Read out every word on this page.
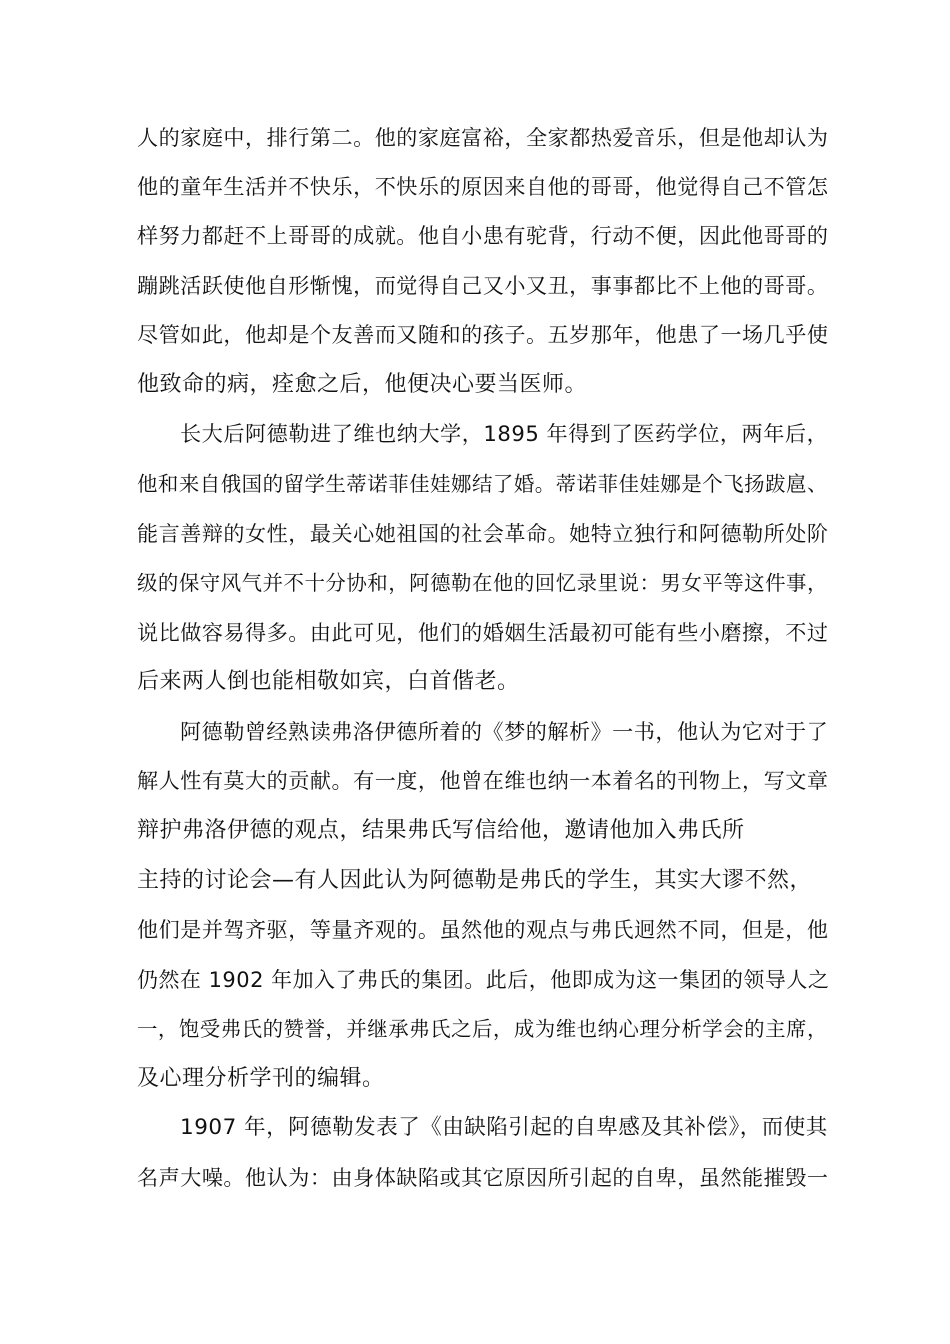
人的家庭中，排行第二。他的家庭富裕，全家都热爱音乐，但是他却认为
他的童年生活并不快乐，不快乐的原因来自他的哥哥，他觉得自己不管怎
样努力都赶不上哥哥的成就。他自小患有驼背，行动不便，因此他哥哥的
蹦跳活跃使他自形惭愧，而觉得自己又小又丑，事事都比不上他的哥哥。
尽管如此，他却是个友善而又随和的孩子。五岁那年，他患了一场几乎使
他致命的病，痊愈之后，他便决心要当医师。
长大后阿德勒进了维也纳大学，1895 年得到了医药学位，两年后，
他和来自俄国的留学生蒂诺菲佳娃娜结了婚。蒂诺菲佳娃娜是个飞扬跋扈、
能言善辩的女性，最关心她祖国的社会革命。她特立独行和阿德勒所处阶
级的保守风气并不十分协和，阿德勒在他的回忆录里说：男女平等这件事，
说比做容易得多。由此可见，他们的婚姻生活最初可能有些小磨擦，不过
后来两人倒也能相敬如宾，白首偕老。
阿德勒曾经熟读弗洛伊德所着的《梦的解析》一书，他认为它对于了
解人性有莫大的贡献。有一度，他曾在维也纳一本着名的刊物上，写文章
辩护弗洛伊德的观点，结果弗氏写信给他，邀请他加入弗氏所
主持的讨论会—有人因此认为阿德勒是弗氏的学生，其实大谬不然，
他们是并驾齐驱，等量齐观的。虽然他的观点与弗氏迥然不同，但是，他
仍然在 1902 年加入了弗氏的集团。此后，他即成为这一集团的领导人之
一，饱受弗氏的赞誉，并继承弗氏之后，成为维也纳心理分析学会的主席，
及心理分析学刊的编辑。
1907 年，阿德勒发表了《由缺陷引起的自卑感及其补偿》，而使其
名声大噪。他认为：由身体缺陷或其它原因所引起的自卑，虽然能摧毁一
